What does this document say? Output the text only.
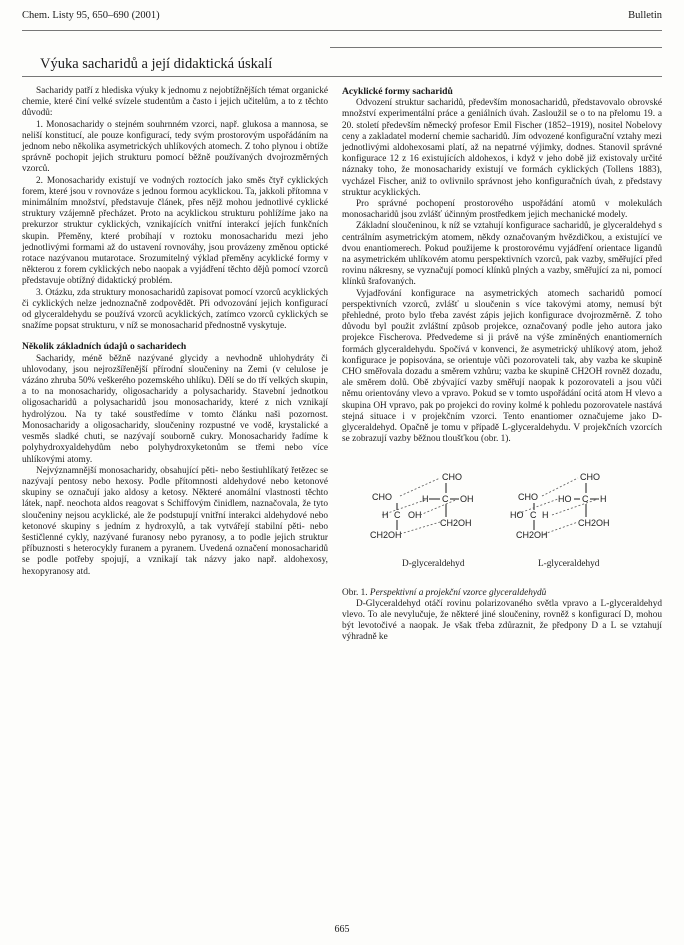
Chem. Listy 95, 650–690 (2001)	Bulletin
Výuka sacharidů a její didaktická úskalí

Sacharidy patří z hlediska výuky k jednomu z nejobtížnějších témat organické chemie, které činí velké svízele studentům a často i jejich učitelům, a to z těchto důvodů:

1. Monosacharidy o stejném souhrnném vzorci, např. glukosa a mannosa, se neliší konstitucí, ale pouze konfigurací, tedy svým prostorovým uspořádáním na jednom nebo několika asymetrických uhlíkových atomech. Z toho plynou i obtíže správně pochopit jejich strukturu pomocí běžně používaných dvojrozměrných vzorců.

2. Monosacharidy existují ve vodných roztocích jako směs čtyř cyklických forem, které jsou v rovnováze s jednou formou acyklickou. Ta, jakkoli přítomna v minimálním množství, představuje článek, přes nějž mohou jednotlivé cyklické struktury vzájemně přecházet. Proto na acyklickou strukturu pohlížíme jako na prekurzor struktur cyklických, vznikajících vnitřní interakcí jejích funkčních skupin. Přeměny, které probíhají v roztoku monosacharidu mezi jeho jednotlivými formami až do ustavení rovnováhy, jsou provázeny změnou optické rotace nazývanou mutarotace. Srozumitelný výklad přeměny acyklické formy v některou z forem cyklických nebo naopak a vyjádření těchto dějů pomocí vzorců představuje obtížný didaktický problém.

3. Otázku, zda struktury monosacharidů zapisovat pomocí vzorců acyklických či cyklických nelze jednoznačně zodpovědět. Při odvozování jejich konfigurací od glyceraldehydu se používá vzorců acyklických, zatímco vzorců cyklických se snažíme popsat strukturu, v níž se monosacharid přednostně vyskytuje.

Několik základních údajů o sacharidech

Sacharidy, méně běžně nazývané glycidy a nevhodně uhlohydráty či uhlovodany, jsou nejrozšířenější přírodní sloučeniny na Zemi (v celulose je vázáno zhruba 50% veškerého pozemského uhlíku). Dělí se do tří velkých skupin, a to na monosacharidy, oligosacharidy a polysacharidy. Stavební jednotkou oligosacharidů a polysacharidů jsou monosacharidy, které z nich vznikají hydrolýzou. Na ty také soustředíme v tomto článku naši pozornost. Monosacharidy a oligosacharidy, sloučeniny rozpustné ve vodě, krystalické a vesměs sladké chuti, se nazývají souborně cukry. Monosacharidy řadíme k polyhydroxyaldehydům nebo polyhydroxyketonům se třemi nebo více uhlíkovými atomy.

Nejvýznamnější monosacharidy, obsahující pěti- nebo šestiuhlíkatý řetězec se nazývají pentosy nebo hexosy. Podle přítomnosti aldehydové nebo ketonové skupiny se označují jako aldosy a ketosy. Některé anomální vlastnosti těchto látek, např. neochota aldos reagovat s Schiffovým činidlem, naznačovala, že tyto sloučeniny nejsou acyklické, ale že podstupují vnitřní interakci aldehydové nebo ketonové skupiny s jedním z hydroxylů, a tak vytvářejí stabilní pěti- nebo šestičlenné cykly, nazývané furanosy nebo pyranosy, a to podle jejich struktur příbuznosti s heterocykly furanem a pyranem. Uvedená označení monosacharidů se podle potřeby spojují, a vznikají tak názvy jako např. aldohexosy, hexopyranosy atd.

Acyklické formy sacharidů

Odvození struktur sacharidů, především monosacharidů, představovalo obrovské množství experimentální práce a geniálních úvah. Zasloužil se o to na přelomu 19. a 20. století především německý profesor Emil Fischer (1852–1919), nositel Nobelovy ceny a zakladatel moderní chemie sacharidů. Jím odvozené konfigurační vztahy mezi jednotlivými aldohexosami platí, až na nepatrné výjimky, dodnes. Stanovil správné konfigurace 12 z 16 existujících aldohexos, i když v jeho době již existovaly určité náznaky toho, že monosacharidy existují ve formách cyklických (Tollens 1883), vycházel Fischer, aniž to ovlivnilo správnost jeho konfiguračních úvah, z představy struktur acyklických.

Pro správné pochopení prostorového uspořádání atomů v molekulách monosacharidů jsou zvlášť účinným prostředkem jejich mechanické modely.

Základní sloučeninou, k níž se vztahují konfigurace sacharidů, je glyceraldehyd s centrálním asymetrickým atomem, někdy označovaným hvězdičkou, a existující ve dvou enantiomerech. Pokud použijeme k prostorovému vyjádření orientace ligandů na asymetrickém uhlíkovém atomu perspektivních vzorců, pak vazby, směřující před rovinu nákresny, se vyznačují pomocí klínků plných a vazby, směřující za ni, pomocí klínků šrafovaných.

Vyjadřování konfigurace na asymetrických atomech sacharidů pomocí perspektivních vzorců, zvlášť u sloučenin s více takovými atomy, nemusí být přehledné, proto bylo třeba zavést zápis jejich konfigurace dvojrozměrně. Z toho důvodu byl použit zvláštní způsob projekce, označovaný podle jeho autora jako projekce Fischerova. Předvedeme si ji právě na výše zmíněných enantiomerních formách glyceraldehydu. Spočívá v konvenci, že asymetrický uhlíkový atom, jehož konfigurace je popisována, se orientuje vůči pozorovateli tak, aby vazba ke skupině CHO směřovala dozadu a směrem vzhůru; vazba ke skupině CH2OH rovněž dozadu, ale směrem dolů. Obě zbývající vazby směřují naopak k pozorovateli a jsou vůči němu orientovány vlevo a vpravo. Pokud se v tomto uspořádání ocitá atom H vlevo a skupina OH vpravo, pak po projekci do roviny kolmé k pohledu pozorovatele nastává stejná situace i v projekčním vzorci. Tento enantiomer označujeme jako D-glyceraldehyd. Opačně je tomu v případě L-glyceraldehydu. V projekčních vzorcích se zobrazují vazby běžnou tloušťkou (obr. 1).

CHO
H C OH
CH2OH
CHO
H C OH
CH2OH
CHO
HO C H
CH2OH
CHO
HO C H
CH2OH
D-glyceraldehyd	L-glyceraldehyd

Obr. 1. Perspektivní a projekční vzorce glyceraldehydů

D-Glyceraldehyd otáčí rovinu polarizovaného světla vpravo a L-glyceraldehyd vlevo. To ale nevylučuje, že některé jiné sloučeniny, rovněž s konfigurací D, mohou být levotočivé a naopak. Je však třeba zdůraznit, že předpony D a L se vztahují výhradně ke

665
